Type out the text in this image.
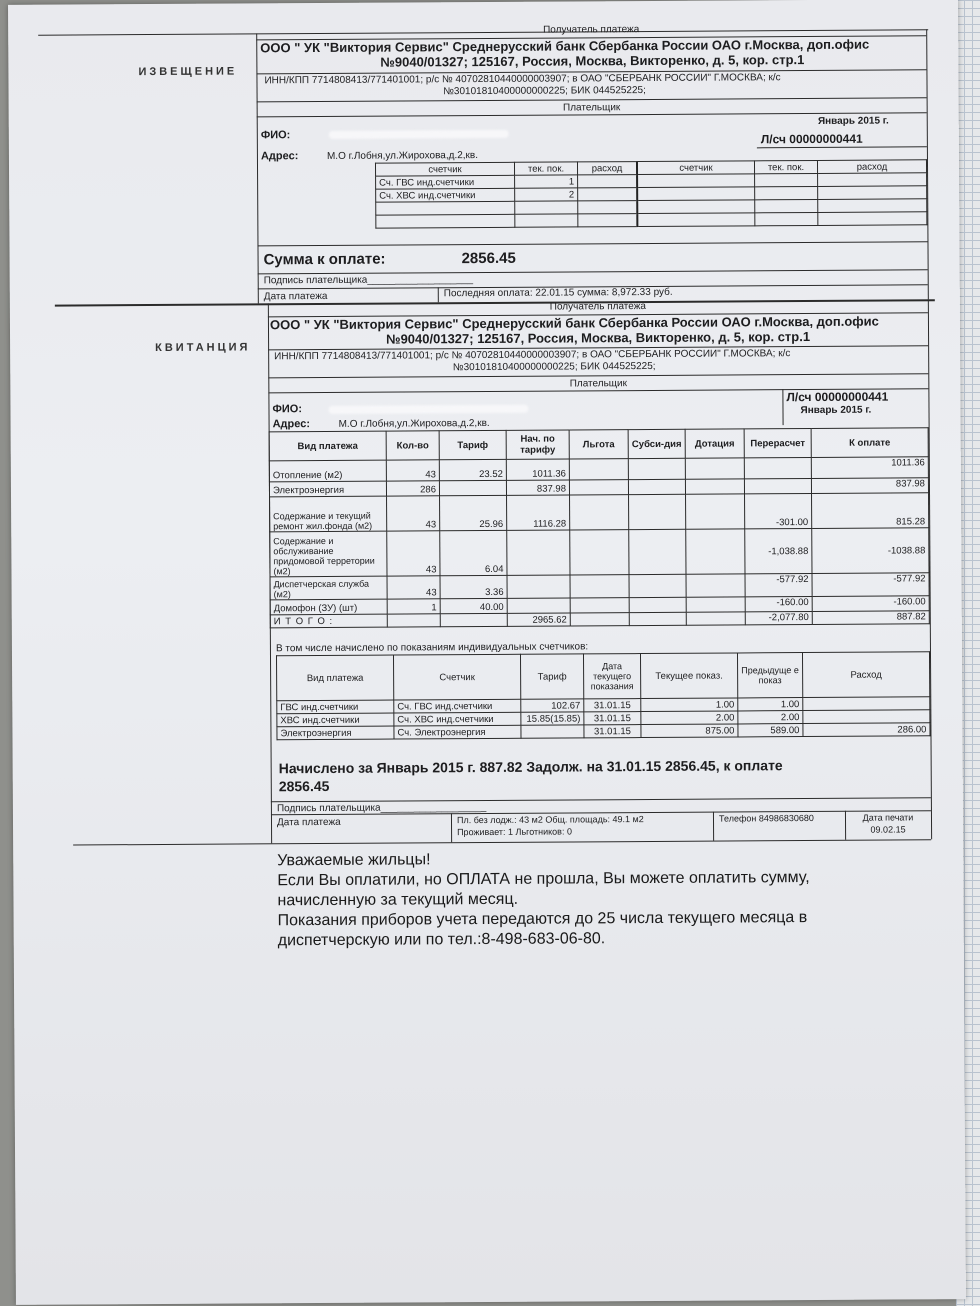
ИЗВЕЩЕНИЕ
Получатель платежа
ООО " УК "Виктория Сервис" Среднерусский банк Сбербанка России ОАО г.Москва, доп.офис
№9040/01327; 125167, Россия, Москва, Викторенко, д. 5, кор. стр.1
ИНН/КПП 7714808413/771401001; р/с № 40702810440000003907; в ОАО "СБЕРБАНК РОССИИ" Г.МОСКВА; к/с
№30101810400000000225; БИК 044525225;
Плательщик
Январь 2015 г.
ФИО:	Л/сч 00000000441
Адрес:	М.О г.Лобня,ул.Жирохова,д.2,кв.
счетчик	тек. пок.	расход	счетчик	тек. пок.	расход
Сч. ГВС инд.счетчики	1				
Сч. ХВС инд.счетчики	2				

Сумма к оплате:	2856.45
Подпись плательщика___________________
Дата платежа	Последняя оплата: 22.01.15 сумма: 8,972.33 руб.
КВИТАНЦИЯ
Получатель платежа
ООО " УК "Виктория Сервис" Среднерусский банк Сбербанка России ОАО г.Москва, доп.офис
№9040/01327; 125167, Россия, Москва, Викторенко, д. 5, кор. стр.1
ИНН/КПП 7714808413/771401001; р/с № 40702810440000003907; в ОАО "СБЕРБАНК РОССИИ" Г.МОСКВА; к/с
№30101810400000000225; БИК 044525225;
Плательщик
Л/сч 00000000441
Январь 2015 г.
ФИО:
Адрес:	М.О г.Лобня,ул.Жирохова,д.2,кв.
Вид платежа	Кол-во	Тариф	Нач. по тарифу	Льгота	Субси-дия	Дотация	Перерасчет	К оплате
Отопление (м2)	43	23.52	1011.36					1011.36
Электроэнергия	286		837.98					837.98
Содержание и текущий ремонт жил.фонда (м2)	43	25.96	1116.28				-301.00	815.28
Содержание и обслуживание придомовой терретории (м2)	43	6.04					-1,038.88	-1038.88
Диспетчерская служба (м2)	43	3.36					-577.92	-577.92
Домофон (ЗУ) (шт)	1	40.00					-160.00	-160.00
И Т О Г О :			2965.62				-2,077.80	887.82
В том числе начислено по показаниям индивидуальных счетчиков:
Вид платежа	Счетчик	Тариф	Дата текущего показания	Текущее показ.	Предыдуще е показ	Расход
ГВС инд.счетчики	Сч. ГВС инд.счетчики	102.67	31.01.15	1.00	1.00	
ХВС инд.счетчики	Сч. ХВС инд.счетчики	15.85(15.85)	31.01.15	2.00	2.00	
Электроэнергия	Сч. Электроэнергия		31.01.15	875.00	589.00	286.00
Начислено за Январь 2015 г. 887.82 Задолж. на 31.01.15 2856.45, к оплате
2856.45
Подпись плательщика___________________
Дата платежа	Пл. без лодж.: 43 м2 Общ. площадь: 49.1 м2
Проживает: 1 Льготников: 0
Телефон 84986830680	Дата печати
09.02.15
Уважаемые жильцы!
Если Вы оплатили, но ОПЛАТА не прошла, Вы можете оплатить сумму,
начисленную за текущий месяц.
Показания приборов учета передаются до 25 числа текущего месяца в
диспетчерскую или по тел.:8-498-683-06-80.
